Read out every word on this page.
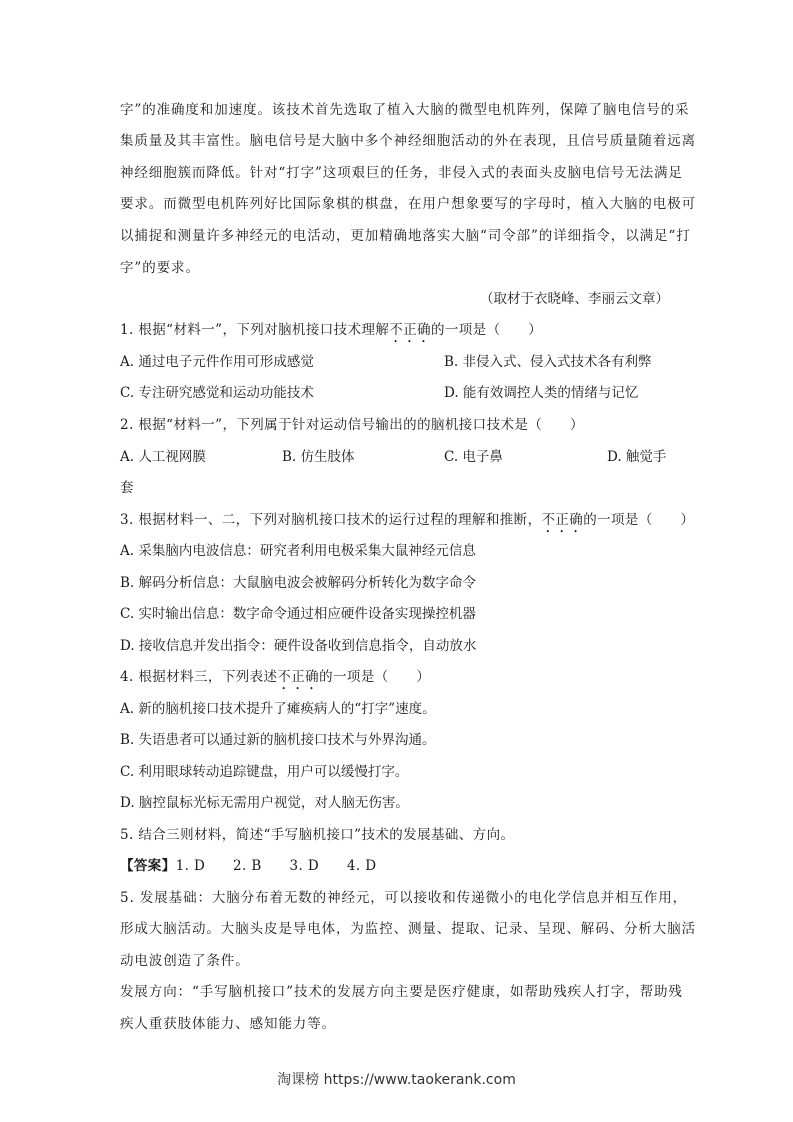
字”的准确度和加速度。该技术首先选取了植入大脑的微型电机阵列，保障了脑电信号的采
集质量及其丰富性。脑电信号是大脑中多个神经细胞活动的外在表现，且信号质量随着远离
神经细胞簇而降低。针对“打字”这项艰巨的任务，非侵入式的表面头皮脑电信号无法满足
要求。而微型电机阵列好比国际象棋的棋盘，在用户想象要写的字母时，植入大脑的电极可
以捕捉和测量许多神经元的电活动，更加精确地落实大脑“司令部”的详细指令，以满足“打
字”的要求。
（取材于衣晓峰、李丽云文章）
1. 根据“材料一”，下列对脑机接口技术理解不正确的一项是（　　）
A. 通过电子元件作用可形成感觉	B. 非侵入式、侵入式技术各有利弊
C. 专注研究感觉和运动功能技术	D. 能有效调控人类的情绪与记忆
2. 根据“材料一”，下列属于针对运动信号输出的的脑机接口技术是（　　）
A. 人工视网膜	B. 仿生肢体	C. 电子鼻	D. 触觉手
套
3. 根据材料一、二，下列对脑机接口技术的运行过程的理解和推断，不正确的一项是（　　）
A. 采集脑内电波信息：研究者利用电极采集大鼠神经元信息
B. 解码分析信息：大鼠脑电波会被解码分析转化为数字命令
C. 实时输出信息：数字命令通过相应硬件设备实现操控机器
D. 接收信息并发出指令：硬件设备收到信息指令，自动放水
4. 根据材料三，下列表述不正确的一项是（　　）
A. 新的脑机接口技术提升了瘫痪病人的“打字”速度。
B. 失语患者可以通过新的脑机接口技术与外界沟通。
C. 利用眼球转动追踪键盘，用户可以缓慢打字。
D. 脑控鼠标光标无需用户视觉，对人脑无伤害。
5. 结合三则材料，简述“手写脑机接口”技术的发展基础、方向。
【答案】1. D　　2. B　　3. D　　4. D
5. 发展基础：大脑分布着无数的神经元，可以接收和传递微小的电化学信息并相互作用，
形成大脑活动。大脑头皮是导电体，为监控、测量、提取、记录、呈现、解码、分析大脑活
动电波创造了条件。
发展方向：“手写脑机接口”技术的发展方向主要是医疗健康，如帮助残疾人打字，帮助残
疾人重获肢体能力、感知能力等。
淘课榜 https://www.taokerank.com
